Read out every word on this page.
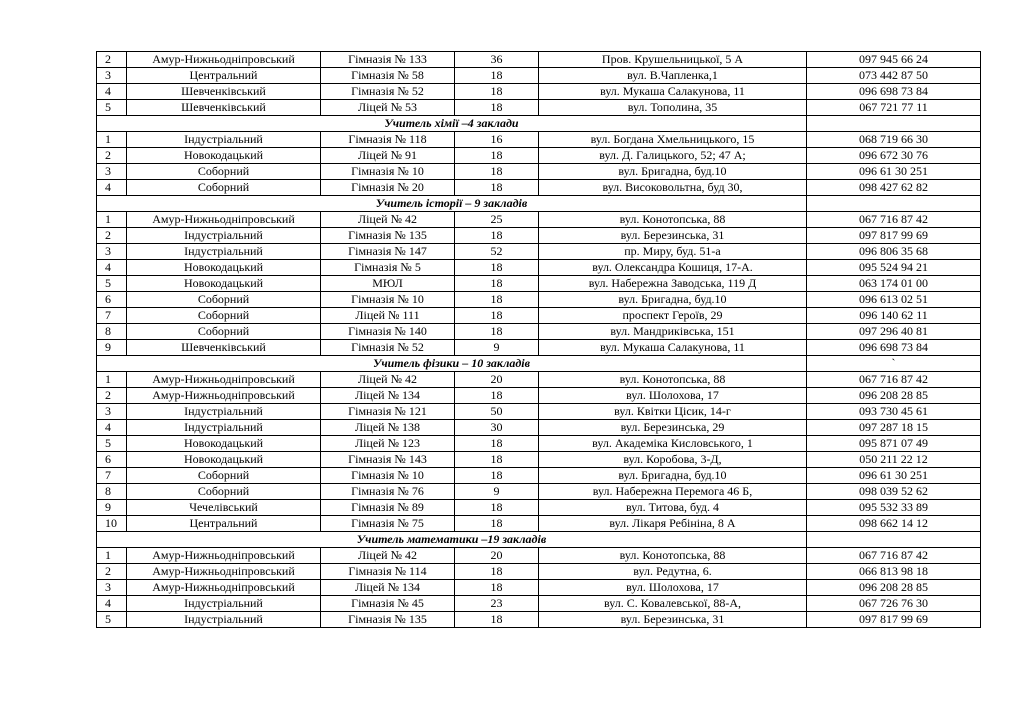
2	Амур-Нижньодніпровський	Гімназія № 133	36	Пров. Крушельницької, 5 А	097 945 66 24
3	Центральний	Гімназія № 58	18	вул. В.Чапленка,1	073 442 87 50
4	Шевченківський	Гімназія № 52	18	вул. Мукаша Салакунова, 11	096 698 73 84
5	Шевченківський	Ліцей № 53	18	вул. Тополина, 35	067 721 77 11
Учитель хімії –4 заклади					
1	Індустріальний	Гімназія № 118	16	вул. Богдана Хмельницького, 15	068 719 66 30
2	Новокодацький	Ліцей № 91	18	вул. Д. Галицького, 52; 47 А;	096 672 30 76
3	Соборний	Гімназія № 10	18	вул. Бригадна, буд.10	096 61 30 251
4	Соборний	Гімназія № 20	18	вул. Високовольтна, буд 30,	098 427 62 82
Учитель історії – 9 закладів					
1	Амур-Нижньодніпровський	Ліцей № 42	25	вул. Конотопська, 88	067 716 87 42
2	Індустріальний	Гімназія № 135	18	вул. Березинська, 31	097 817 99 69
3	Індустріальний	Гімназія № 147	52	пр. Миру, буд. 51-а	096 806 35 68
4	Новокодацький	Гімназія № 5	18	вул. Олександра Кошиця, 17-А.	095 524 94 21
5	Новокодацький	МЮЛ	18	вул. Набережна Заводська, 119 Д	063 174 01 00
6	Соборний	Гімназія № 10	18	вул. Бригадна, буд.10	096 613 02 51
7	Соборний	Ліцей № 111	18	проспект Героїв, 29	096 140 62 11
8	Соборний	Гімназія № 140	18	вул. Мандриківська, 151	097 296 40 81
9	Шевченківський	Гімназія № 52	9	вул. Мукаша Салакунова, 11	096 698 73 84
Учитель фізики – 10 закладів					ˋ
1	Амур-Нижньодніпровський	Ліцей № 42	20	вул. Конотопська, 88	067 716 87 42
2	Амур-Нижньодніпровський	Ліцей № 134	18	вул. Шолохова, 17	096 208 28 85
3	Індустріальний	Гімназія № 121	50	вул. Квітки Цісик, 14-г	093 730 45 61
4	Індустріальний	Ліцей № 138	30	вул. Березинська, 29	097 287 18 15
5	Новокодацький	Ліцей № 123	18	вул. Академіка Кисловського, 1	095 871 07 49
6	Новокодацький	Гімназія № 143	18	вул. Коробова, 3-Д,	050 211 22 12
7	Соборний	Гімназія № 10	18	вул. Бригадна, буд.10	096 61 30 251
8	Соборний	Гімназія № 76	9	вул. Набережна Перемога 46 Б,	098 039 52 62
9	Чечелівський	Гімназія № 89	18	вул. Титова, буд. 4	095 532 33 89
10	Центральний	Гімназія № 75	18	вул. Лікаря Ребініна, 8 А	098 662 14 12
Учитель математики –19 закладів					
1	Амур-Нижньодніпровський	Ліцей № 42	20	вул. Конотопська, 88	067 716 87 42
2	Амур-Нижньодніпровський	Гімназія № 114	18	вул. Редутна, 6.	066 813 98 18
3	Амур-Нижньодніпровський	Ліцей № 134	18	вул. Шолохова, 17	096 208 28 85
4	Індустріальний	Гімназія № 45	23	вул. С. Ковалевської, 88-А,	067 726 76 30
5	Індустріальний	Гімназія № 135	18	вул. Березинська, 31	097 817 99 69
